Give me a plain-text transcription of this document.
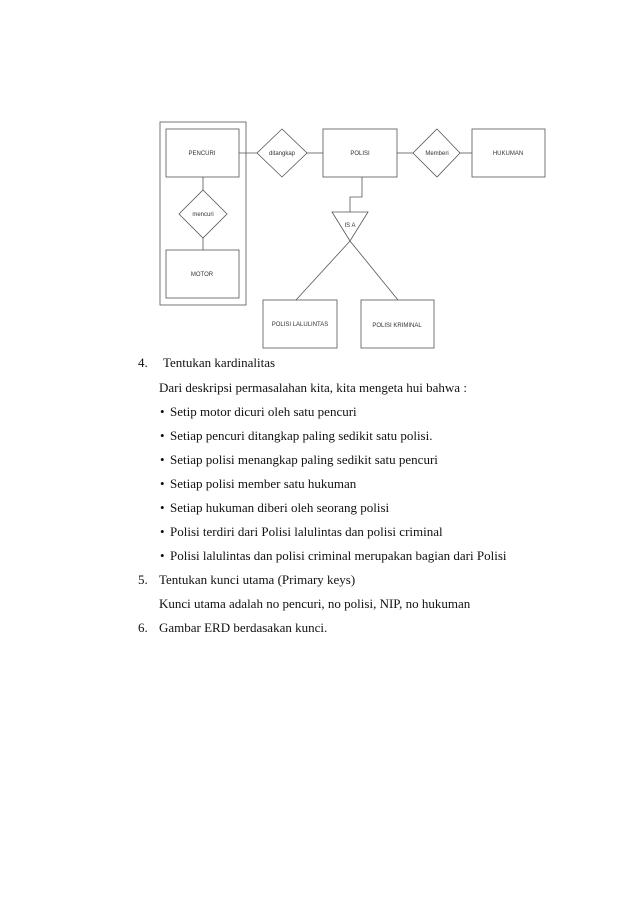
PENCURI
MOTOR
POLISI	HUKUMAN
POLISI LALULINTAS	POLISI KRIMINAL
mencuri
ditangkap	Memberi
IS A
4. Tentukan kardinalitas
Dari deskripsi permasalahan kita, kita mengeta hui bahwa :
• Setip motor dicuri oleh satu pencuri
• Setiap pencuri ditangkap paling sedikit satu polisi.
• Setiap polisi menangkap paling sedikit satu pencuri
• Setiap polisi member satu hukuman
• Setiap hukuman diberi oleh seorang polisi
• Polisi terdiri dari Polisi lalulintas dan polisi criminal
• Polisi lalulintas dan polisi criminal merupakan bagian dari Polisi
5. Tentukan kunci utama (Primary keys)
Kunci utama adalah no pencuri, no polisi, NIP, no hukuman
6. Gambar ERD berdasakan kunci.
